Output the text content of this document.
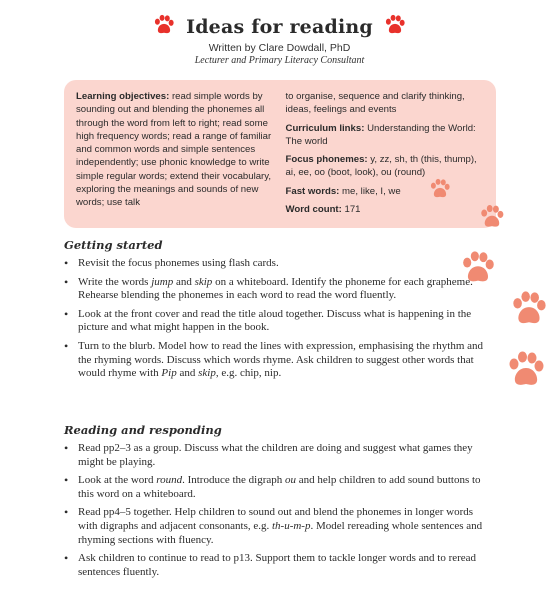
Ideas for reading
Written by Clare Dowdall, PhD
Lecturer and Primary Literacy Consultant
Learning objectives: read simple words by sounding out and blending the phonemes all through the word from left to right; read some high frequency words; read a range of familiar and common words and simple sentences independently; use phonic knowledge to write simple regular words; extend their vocabulary, exploring the meanings and sounds of new words; use talk

to organise, sequence and clarify thinking, ideas, feelings and events

Curriculum links: Understanding the World: The world

Focus phonemes: y, zz, sh, th (this, thump), ai, ee, oo (boot, look), ou (round)

Fast words: me, like, I, we

Word count: 171

Getting started
• Revisit the focus phonemes using flash cards.
• Write the words jump and skip on a whiteboard. Identify the phoneme for each grapheme. Rehearse blending the phonemes in each word to read the word fluently.
• Look at the front cover and read the title aloud together. Discuss what is happening in the picture and what might happen in the book.
• Turn to the blurb. Model how to read the lines with expression, emphasising the rhythm and the rhyming words. Discuss which words rhyme. Ask children to suggest other words that would rhyme with Pip and skip, e.g. chip, nip.
Reading and responding
• Read pp2–3 as a group. Discuss what the children are doing and suggest what games they might be playing.
• Look at the word round. Introduce the digraph ou and help children to add sound buttons to this word on a whiteboard.
• Read pp4–5 together. Help children to sound out and blend the phonemes in longer words with digraphs and adjacent consonants, e.g. th-u-m-p. Model rereading whole sentences and rhyming sections with fluency.
• Ask children to continue to read to p13. Support them to tackle longer words and to reread sentences fluently.
